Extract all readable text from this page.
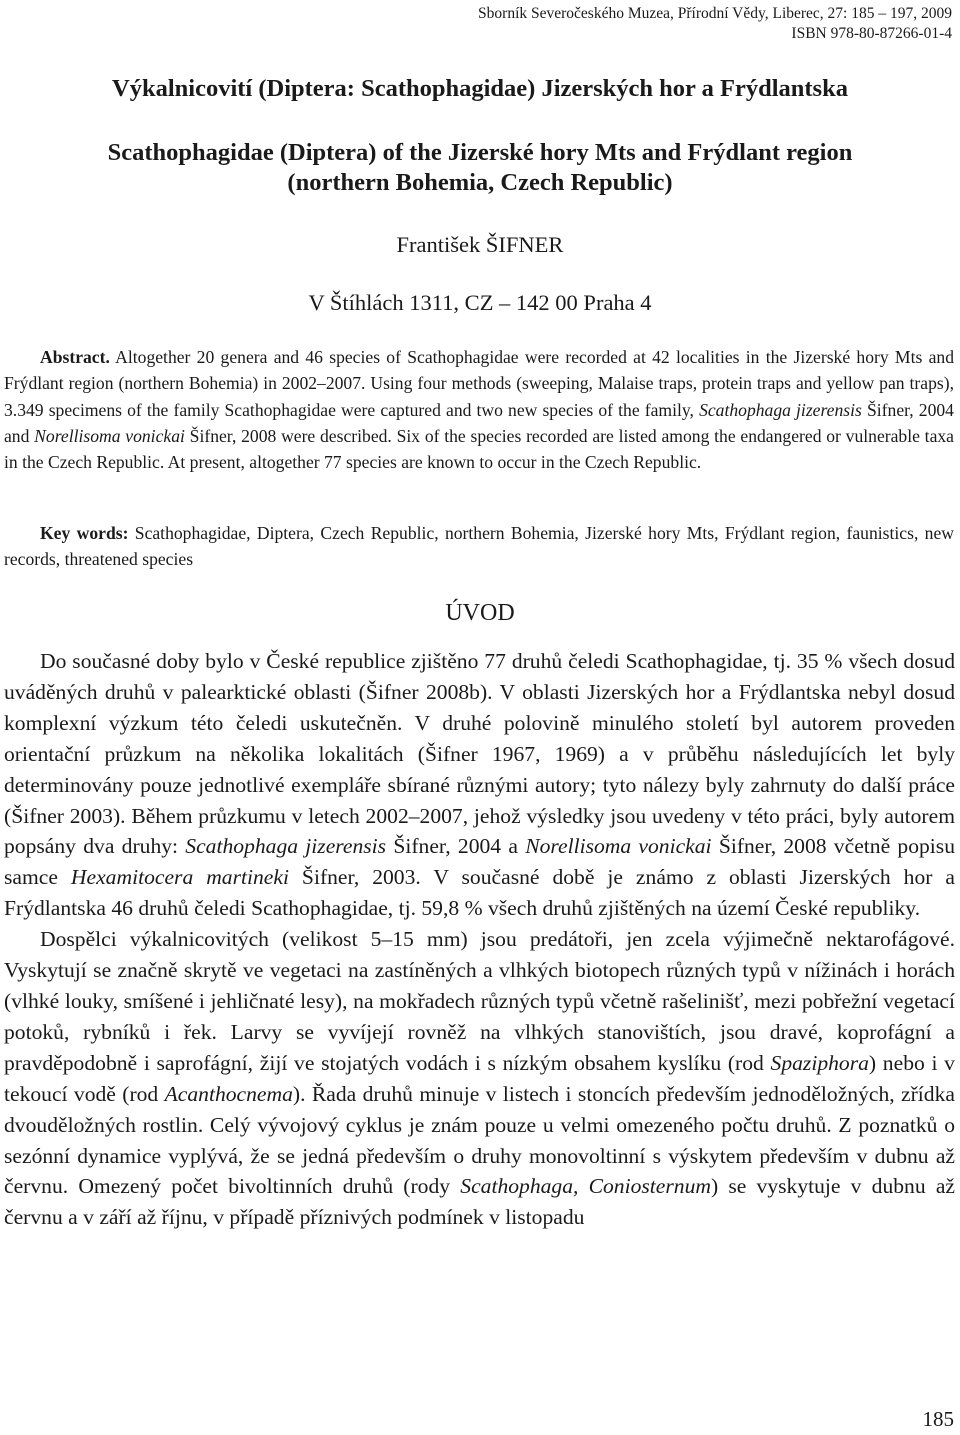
Sborník Severočeského Muzea, Přírodní Vědy, Liberec, 27: 185 – 197, 2009
ISBN 978-80-87266-01-4
Výkalnicovití (Diptera: Scathophagidae) Jizerských hor a Frýdlantska
Scathophagidae (Diptera) of the Jizerské hory Mts and Frýdlant region
(northern Bohemia, Czech Republic)
František ŠIFNER
V Štíhlách 1311, CZ – 142 00 Praha 4
Abstract. Altogether 20 genera and 46 species of Scathophagidae were recorded at 42 localities in the Jizerské hory Mts and Frýdlant region (northern Bohemia) in 2002–2007. Using four methods (sweeping, Malaise traps, protein traps and yellow pan traps), 3.349 specimens of the family Scathophagidae were captured and two new species of the family, Scathophaga jizerensis Šifner, 2004 and Norellisoma vonickai Šifner, 2008 were described. Six of the species recorded are listed among the endangered or vulnerable taxa in the Czech Republic. At present, altogether 77 species are known to occur in the Czech Republic.
Key words: Scathophagidae, Diptera, Czech Republic, northern Bohemia, Jizerské hory Mts, Frýdlant region, faunistics, new records, threatened species
ÚVOD

Do současné doby bylo v České republice zjištěno 77 druhů čeledi Scathophagidae, tj. 35 % všech dosud uváděných druhů v palearktické oblasti (Šifner 2008b). V oblasti Jizerských hor a Frýdlantska nebyl dosud komplexní výzkum této čeledi uskutečněn. V druhé polovině minulého století byl autorem proveden orientační průzkum na několika lokalitách (Šifner 1967, 1969) a v průběhu následujících let byly determinovány pouze jednotlivé exempláře sbírané různými autory; tyto nálezy byly zahrnuty do další práce (Šifner 2003). Během průzkumu v letech 2002–2007, jehož výsledky jsou uvedeny v této práci, byly autorem popsány dva druhy: Scathophaga jizerensis Šifner, 2004 a Norellisoma vonickai Šifner, 2008 včetně popisu samce Hexamitocera martineki Šifner, 2003. V současné době je známo z oblasti Jizerských hor a Frýdlantska 46 druhů čeledi Scathophagidae, tj. 59,8 % všech druhů zjištěných na území České republiky.

Dospělci výkalnicovitých (velikost 5–15 mm) jsou predátoři, jen zcela výjimečně nektarofágové. Vyskytují se značně skrytě ve vegetaci na zastíněných a vlhkých biotopech různých typů v nížinách i horách (vlhké louky, smíšené i jehličnaté lesy), na mokřadech různých typů včetně rašelinišť, mezi pobřežní vegetací potoků, rybníků i řek. Larvy se vyvíjejí rovněž na vlhkých stanovištích, jsou dravé, koprofágní a pravděpodobně i saprofágní, žijí ve stojatých vodách i s nízkým obsahem kyslíku (rod Spaziphora) nebo i v tekoucí vodě (rod Acanthocnema). Řada druhů minuje v listech i stoncích především jednoděložných, zřídka dvouděložných rostlin. Celý vývojový cyklus je znám pouze u velmi omezeného počtu druhů. Z poznatků o sezónní dynamice vyplývá, že se jedná především o druhy monovoltinní s výskytem především v dubnu až červnu. Omezený počet bivoltinních druhů (rody Scathophaga, Coniosternum) se vyskytuje v dubnu až červnu a v září až říjnu, v případě příznivých podmínek v listopadu

185
